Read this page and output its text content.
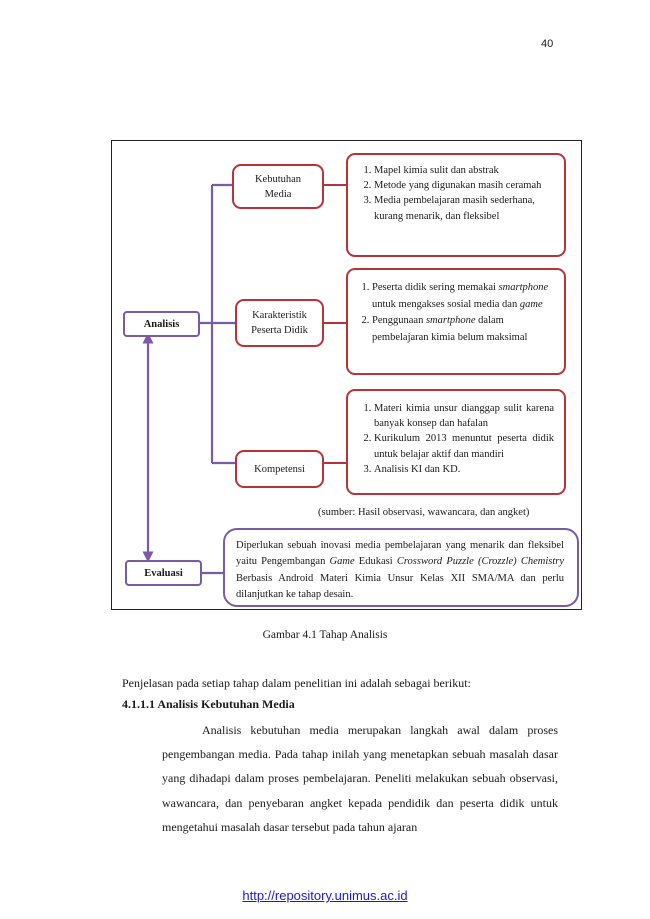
40
Analisis
Evaluasi
Kebutuhan Media
Karakteristik Peserta Didik
Kompetensi
1. Mapel kimia sulit dan abstrak
2. Metode yang digunakan masih ceramah
3. Media pembelajaran masih sederhana, kurang menarik, dan fleksibel
1. Peserta didik sering memakai smartphone untuk mengakses sosial media dan game
2. Penggunaan smartphone dalam pembelajaran kimia belum maksimal
1. Materi kimia unsur dianggap sulit karena banyak konsep dan hafalan
2. Kurikulum 2013 menuntut peserta didik untuk belajar aktif dan mandiri
3. Analisis KI dan KD.
(sumber: Hasil observasi, wawancara, dan angket)

Diperlukan sebuah inovasi media pembelajaran yang menarik dan fleksibel yaitu Pengembangan Game Edukasi Crossword Puzzle (Crozzle) Chemistry Berbasis Android Materi Kimia Unsur Kelas XII SMA/MA dan perlu dilanjutkan ke tahap desain.

Gambar 4.1 Tahap Analisis
Penjelasan pada setiap tahap dalam penelitian ini adalah sebagai berikut:
4.1.1.1 Analisis Kebutuhan Media
Analisis kebutuhan media merupakan langkah awal dalam proses pengembangan media. Pada tahap inilah yang menetapkan sebuah masalah dasar yang dihadapi dalam proses pembelajaran. Peneliti melakukan sebuah observasi, wawancara, dan penyebaran angket kepada pendidik dan peserta didik untuk mengetahui masalah dasar tersebut pada tahun ajaran
http://repository.unimus.ac.id
